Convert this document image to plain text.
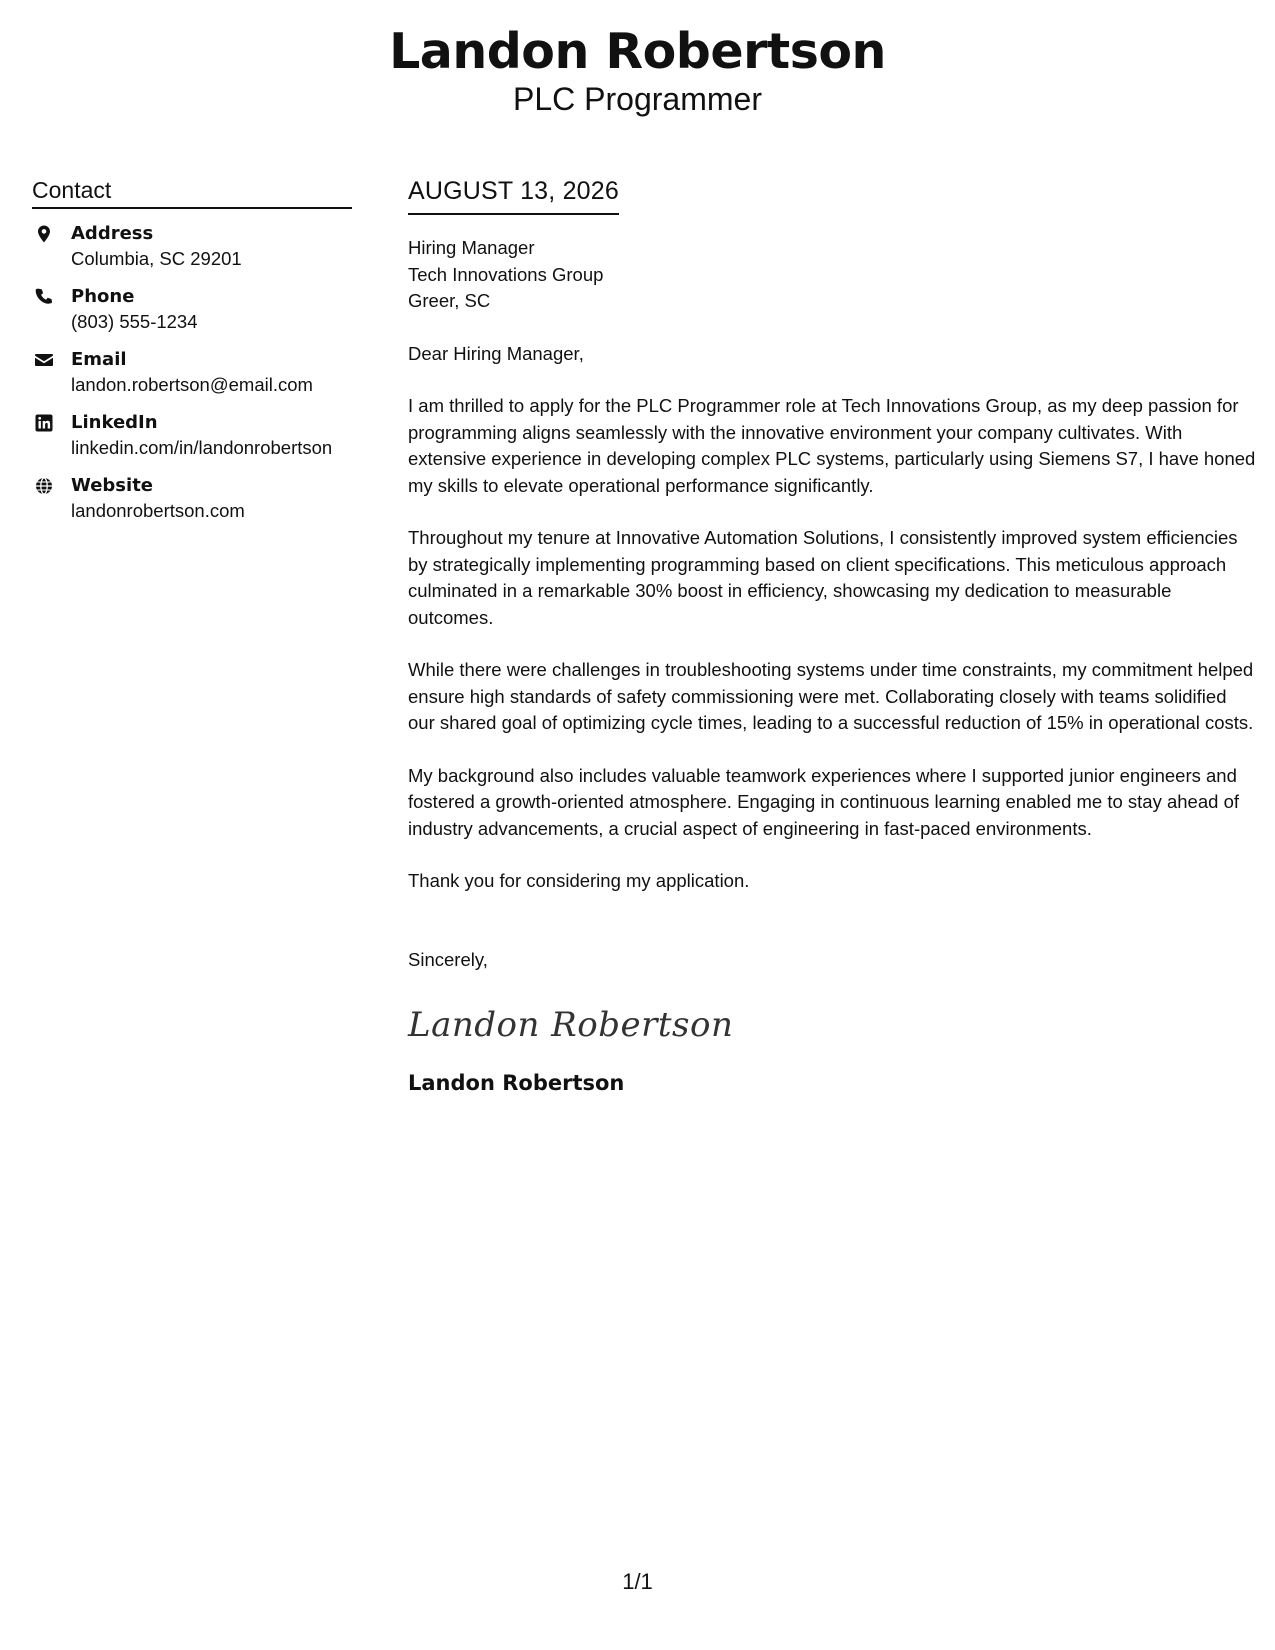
Landon Robertson
PLC Programmer
Contact
Address
Columbia, SC 29201
Phone
(803) 555-1234
Email
landon.robertson@email.com
LinkedIn
linkedin.com/in/landonrobertson
Website
landonrobertson.com
AUGUST 13, 2026
Hiring Manager
Tech Innovations Group
Greer, SC
Dear Hiring Manager,
I am thrilled to apply for the PLC Programmer role at Tech Innovations Group, as my deep passion for programming aligns seamlessly with the innovative environment your company cultivates. With extensive experience in developing complex PLC systems, particularly using Siemens S7, I have honed my skills to elevate operational performance significantly.
Throughout my tenure at Innovative Automation Solutions, I consistently improved system efficiencies by strategically implementing programming based on client specifications. This meticulous approach culminated in a remarkable 30% boost in efficiency, showcasing my dedication to measurable outcomes.
While there were challenges in troubleshooting systems under time constraints, my commitment helped ensure high standards of safety commissioning were met. Collaborating closely with teams solidified our shared goal of optimizing cycle times, leading to a successful reduction of 15% in operational costs.
My background also includes valuable teamwork experiences where I supported junior engineers and fostered a growth-oriented atmosphere. Engaging in continuous learning enabled me to stay ahead of industry advancements, a crucial aspect of engineering in fast-paced environments.
Thank you for considering my application.
Sincerely,
Landon Robertson
Landon Robertson
1/1
